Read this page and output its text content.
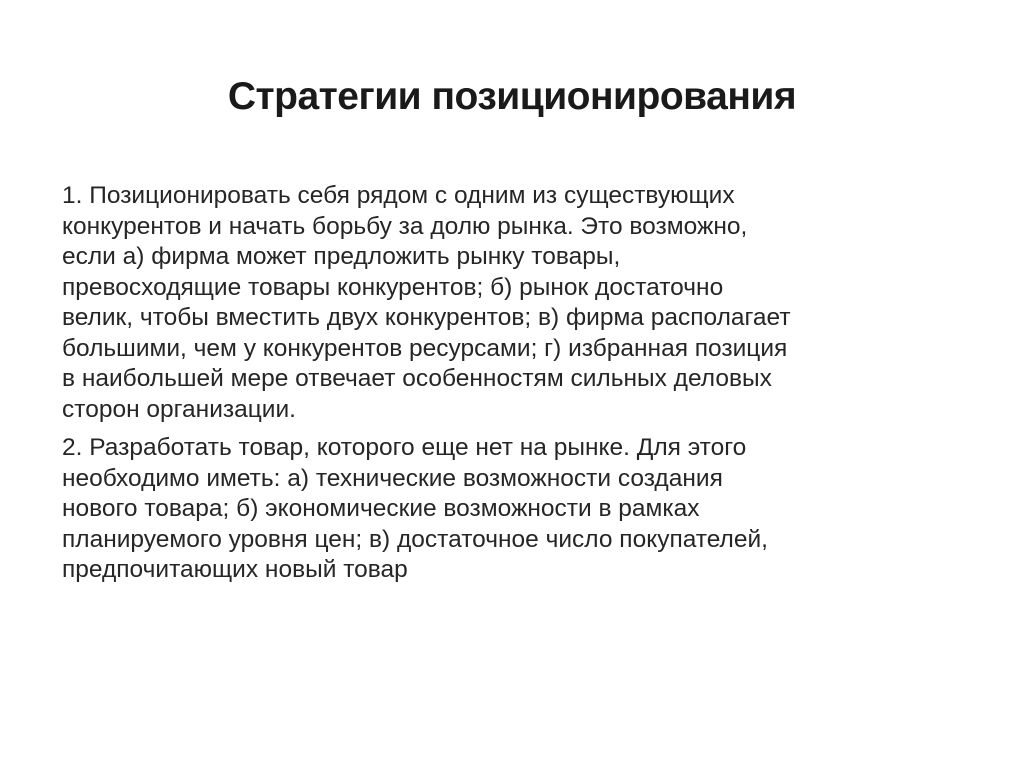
Стратегии позиционирования
1. Позиционировать себя рядом с одним из существующих
конкурентов и начать борьбу за долю рынка. Это возможно,
если а) фирма может предложить рынку товары,
превосходящие товары конкурентов; б) рынок достаточно
велик, чтобы вместить двух конкурентов; в) фирма располагает
большими, чем у конкурентов ресурсами; г) избранная позиция
в наибольшей мере отвечает особенностям сильных деловых
сторон организации.
2. Разработать товар, которого еще нет на рынке. Для этого
необходимо иметь: а) технические возможности создания
нового товара; б) экономические возможности в рамках
планируемого уровня цен; в) достаточное число покупателей,
предпочитающих новый товар
